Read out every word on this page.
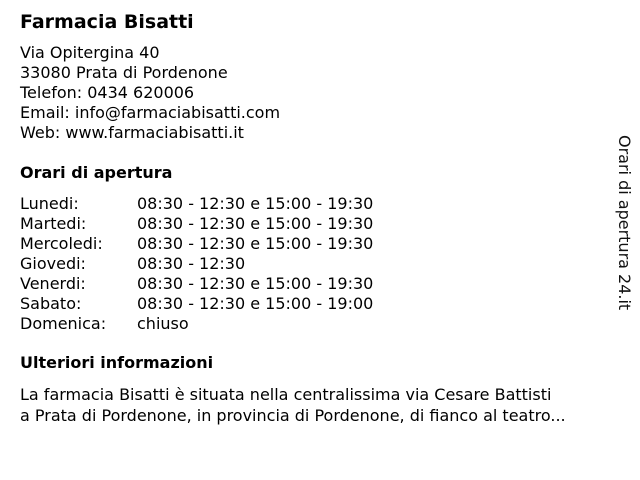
Farmacia Bisatti
Via Opitergina 40
33080 Prata di Pordenone
Telefon: 0434 620006
Email: info@farmaciabisatti.com
Web: www.farmaciabisatti.it
Orari di apertura
Lunedi:	08:30 - 12:30 e 15:00 - 19:30
Martedi:	08:30 - 12:30 e 15:00 - 19:30
Mercoledi:	08:30 - 12:30 e 15:00 - 19:30
Giovedi:	08:30 - 12:30
Venerdi:	08:30 - 12:30 e 15:00 - 19:30
Sabato:	08:30 - 12:30 e 15:00 - 19:00
Domenica:	chiuso
Ulteriori informazioni
La farmacia Bisatti è situata nella centralissima via Cesare Battisti
a Prata di Pordenone, in provincia di Pordenone, di fianco al teatro...
Orari di apertura 24.it
